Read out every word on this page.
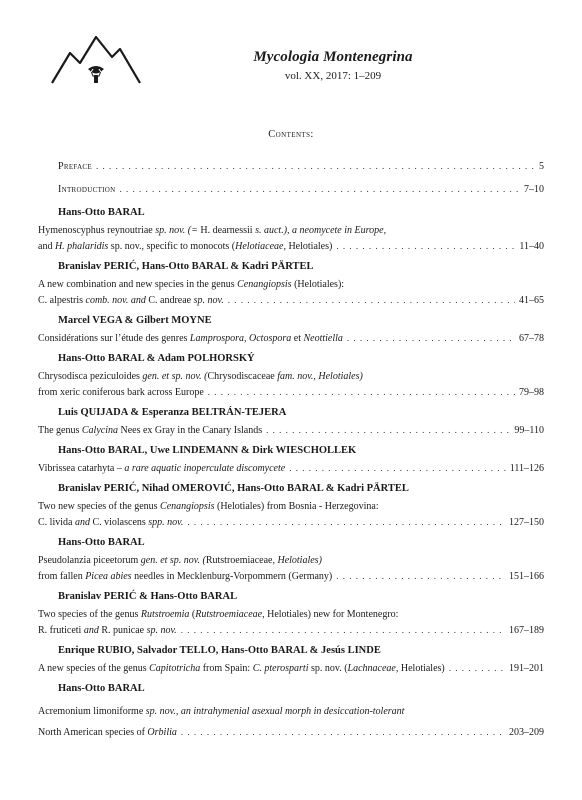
Mycologia Montenegrina
vol. XX, 2017: 1–209
Contents:
Preface . . .	5
Introduction . . .	7–10
Hans-Otto BARAL
Hymenoscyphus reynoutriae sp. nov. (= H. dearnessii s. auct.), a neomycete in Europe,
and H. phalaridis sp. nov., specific to monocots (Helotiaceae, Helotiales) . . .	11–40
Branislav PERIĆ, Hans-Otto BARAL & Kadri PÄRTEL
A new combination and new species in the genus Cenangiopsis (Helotiales):
C. alpestris comb. nov. and C. andreae sp. nov. . . .	41–65
Marcel VEGA & Gilbert MOYNE
Considérations sur l’étude des genres Lamprospora, Octospora et Neottiella . . .	67–78
Hans-Otto BARAL & Adam POLHORSKÝ
Chrysodisca peziculoides gen. et sp. nov. (Chrysodiscaceae fam. nov., Helotiales)
from xeric coniferous bark across Europe . . .	79–98
Luis QUIJADA & Esperanza BELTRÁN-TEJERA
The genus Calycina Nees ex Gray in the Canary Islands . . .	99–110
Hans-Otto BARAL, Uwe LINDEMANN & Dirk WIESCHOLLEK
Vibrissea catarhyta – a rare aquatic inoperculate discomycete . . .	111–126
Branislav PERIĆ, Nihad OMEROVIĆ, Hans-Otto BARAL & Kadri PÄRTEL
Two new species of the genus Cenangiopsis (Helotiales) from Bosnia - Herzegovina:
C. livida and C. violascens spp. nov. . . .	127–150
Hans-Otto BARAL
Pseudolanzia piceetorum gen. et sp. nov. (Rutstroemiaceae, Helotiales)
from fallen Picea abies needles in Mecklenburg-Vorpommern (Germany) . . .	151–166
Branislav PERIĆ & Hans-Otto BARAL
Two species of the genus Rutstroemia (Rutstroemiaceae, Helotiales) new for Montenegro:
R. fruticeti and R. punicae sp. nov. . . .	167–189
Enrique RUBIO, Salvador TELLO, Hans-Otto BARAL & Jesús LINDE
A new species of the genus Capitotricha from Spain: C. pterosparti sp. nov. (Lachnaceae, Helotiales) . . .	191–201
Hans-Otto BARAL
Acremonium limoniforme sp. nov., an intrahymenial asexual morph in desiccation-tolerant
North American species of Orbilia . . .	203–209
